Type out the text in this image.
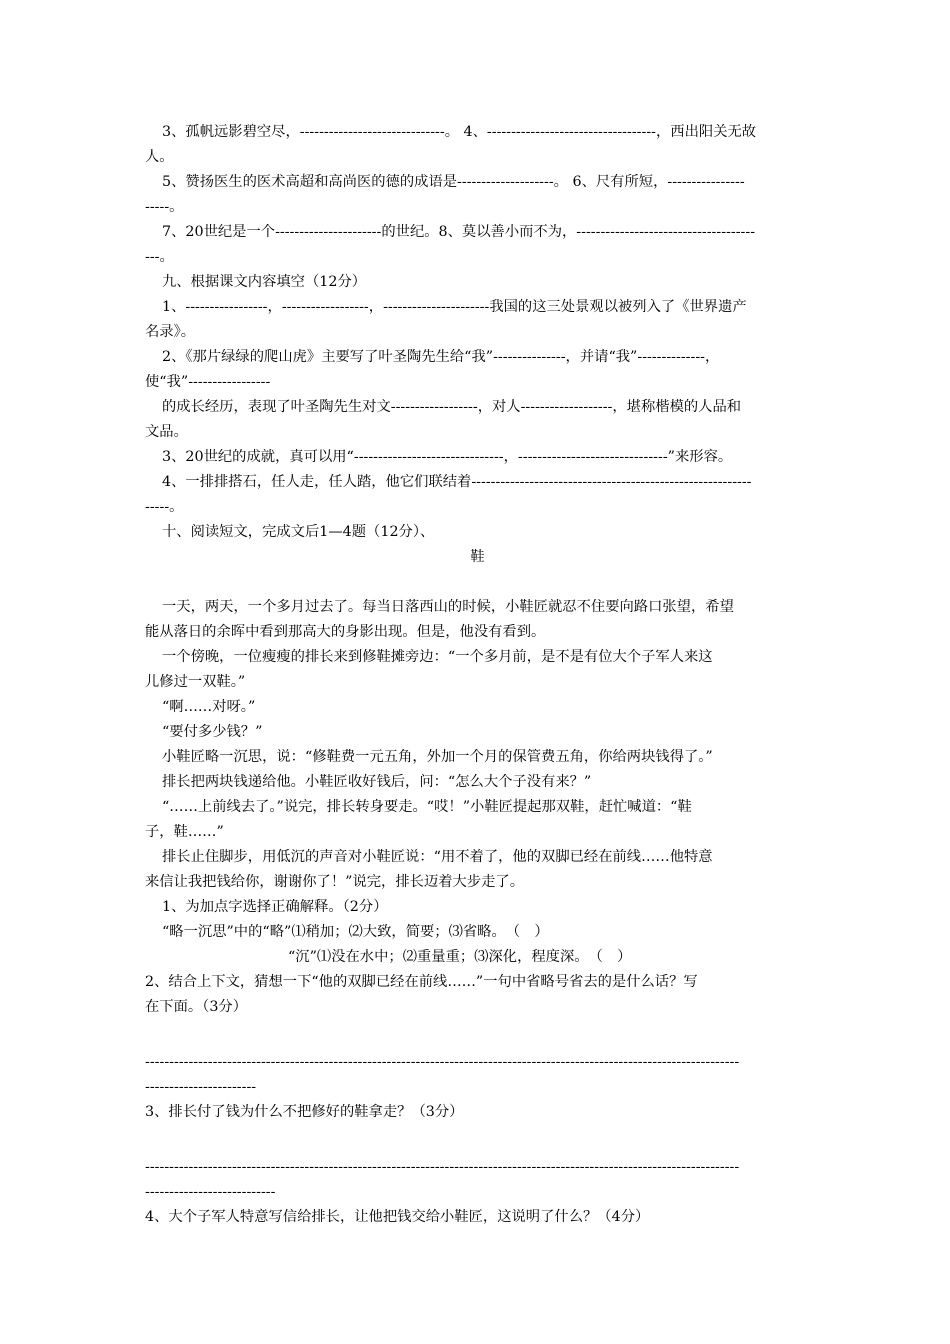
3、孤帆远影碧空尽，------------------------------。 4、-----------------------------------，西出阳关无故

人。

5、赞扬医生的医术高超和高尚医的德的成语是--------------------。 6、尺有所短，----------------

-----。

7、20世纪是一个----------------------的世纪。8、莫以善小而不为，-------------------------------------

---。

九、根据课文内容填空（12分）

1、-----------------，------------------，----------------------我国的这三处景观以被列入了《世界遗产

名录》。

2、《那片绿绿的爬山虎》主要写了叶圣陶先生给“我”---------------，并请“我”--------------，

使“我”-----------------

的成长经历，表现了叶圣陶先生对文------------------，对人-------------------，堪称楷模的人品和

文品。

3、20世纪的成就，真可以用“-------------------------------，-------------------------------”来形容。

4、一排排搭石，任人走，任人踏，他它们联结着----------------------------------------------------------

-----。

十、阅读短文，完成文后1—4题（12分）、

鞋

一天，两天，一个多月过去了。每当日落西山的时候，小鞋匠就忍不住要向路口张望，希望

能从落日的余晖中看到那高大的身影出现。但是，他没有看到。

一个傍晚，一位瘦瘦的排长来到修鞋摊旁边：“一个多月前，是不是有位大个子军人来这

儿修过一双鞋。”

“啊……对呀。”

“要付多少钱？”

小鞋匠略一沉思，说：“修鞋费一元五角，外加一个月的保管费五角，你给两块钱得了。”

排长把两块钱递给他。小鞋匠收好钱后，问：“怎么大个子没有来？”

“……上前线去了。”说完，排长转身要走。“哎！”小鞋匠提起那双鞋，赶忙喊道：“鞋

子，鞋……”

排长止住脚步，用低沉的声音对小鞋匠说：“用不着了，他的双脚已经在前线……他特意

来信让我把钱给你，谢谢你了！”说完，排长迈着大步走了。

1、为加点字选择正确解释。（2分）

“略一沉思”中的“略”⑴稍加；⑵大致，简要；⑶省略。　（　）

“沉”⑴没在水中；⑵重量重；⑶深化，程度深。　（　）

2、结合上下文，猜想一下“他的双脚已经在前线……”一句中省略号省去的是什么话？写

在下面。（3分）

---------------------------------------------------------------------------------------------------------------------------

-----------------------

3、排长付了钱为什么不把修好的鞋拿走？（3分）

---------------------------------------------------------------------------------------------------------------------------

---------------------------

4、大个子军人特意写信给排长，让他把钱交给小鞋匠，这说明了什么？（4分）
